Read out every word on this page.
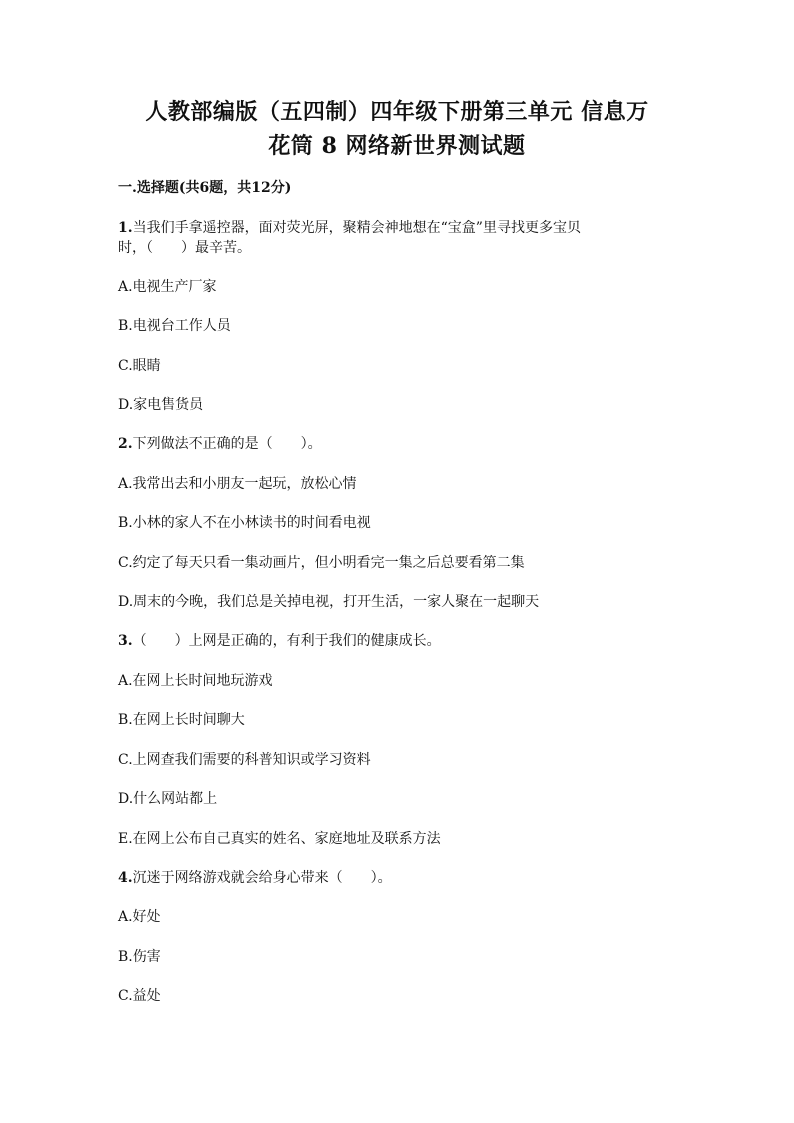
人教部编版（五四制）四年级下册第三单元 信息万
花筒 8 网络新世界测试题
一.选择题(共6题，共12分)
1.当我们手拿遥控器，面对荧光屏，聚精会神地想在“宝盒”里寻找更多宝贝
时，（　　）最辛苦。
A.电视生产厂家
B.电视台工作人员
C.眼睛
D.家电售货员
2.下列做法不正确的是（　　）。
A.我常出去和小朋友一起玩，放松心情
B.小林的家人不在小林读书的时间看电视
C.约定了每天只看一集动画片，但小明看完一集之后总要看第二集
D.周末的今晚，我们总是关掉电视，打开生活，一家人聚在一起聊天
3.（　　）上网是正确的，有利于我们的健康成长。
A.在网上长时间地玩游戏
B.在网上长时间聊大
C.上网查我们需要的科普知识或学习资料
D.什么网站都上
E.在网上公布自己真实的姓名、家庭地址及联系方法
4.沉迷于网络游戏就会给身心带来（　　）。
A.好处
B.伤害
C.益处
